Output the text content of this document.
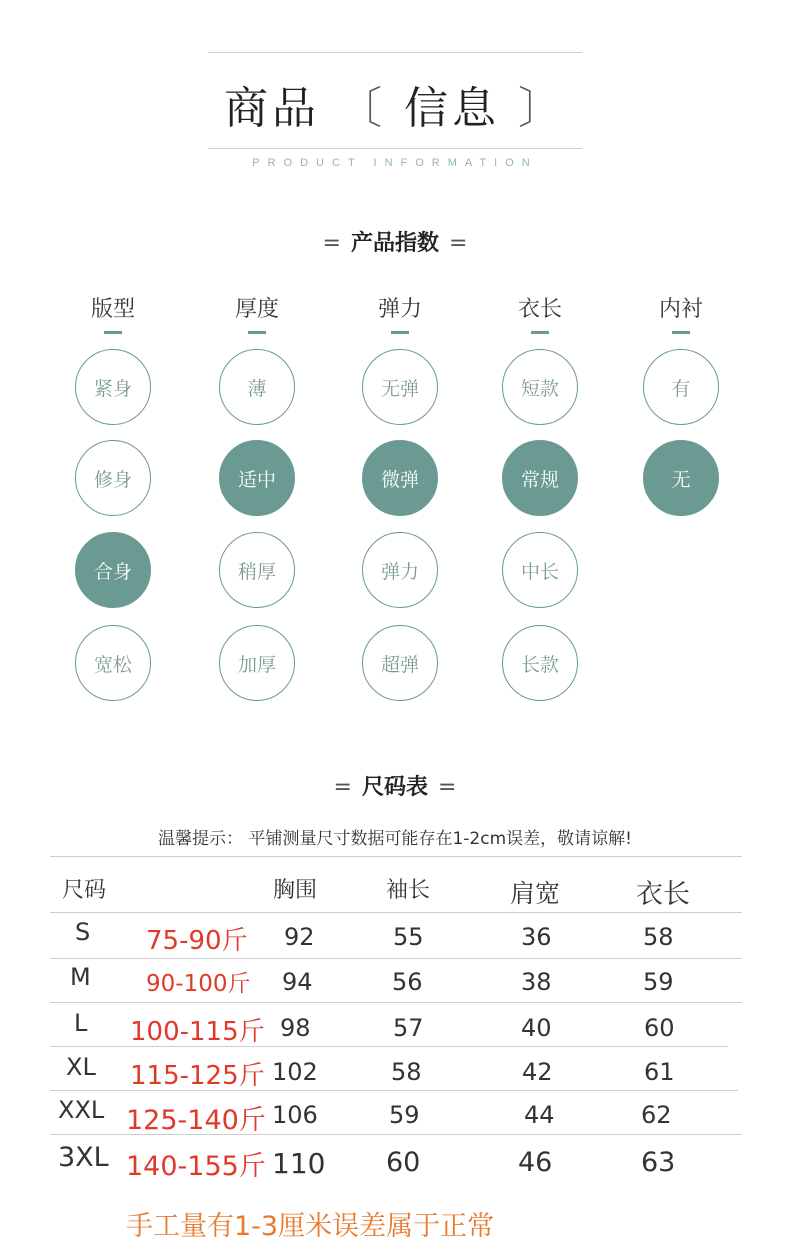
商品 〔 信息 〕
PRODUCT INFORMATION
= 产品指数 =
版型
紧身
修身
合身
宽松
厚度
薄
适中
稍厚
加厚
弹力
无弹
微弹
弹力
超弹
衣长
短款
常规
中长
长款
内衬
有
无
= 尺码表 =
温馨提示： 平铺测量尺寸数据可能存在1-2cm误差，敬请谅解!
尺码	胸围	袖长	肩宽	衣长
S 75-90斤 92	55	36	58
M 90-100斤 94	56	38	59
L 100-115斤 98	57	40	60
XL 115-125斤 102	58	42	61
XXL 125-140斤 106	59	44	62
3XL 140-155斤 110 60	46	63
手工量有1-3厘米误差属于正常
